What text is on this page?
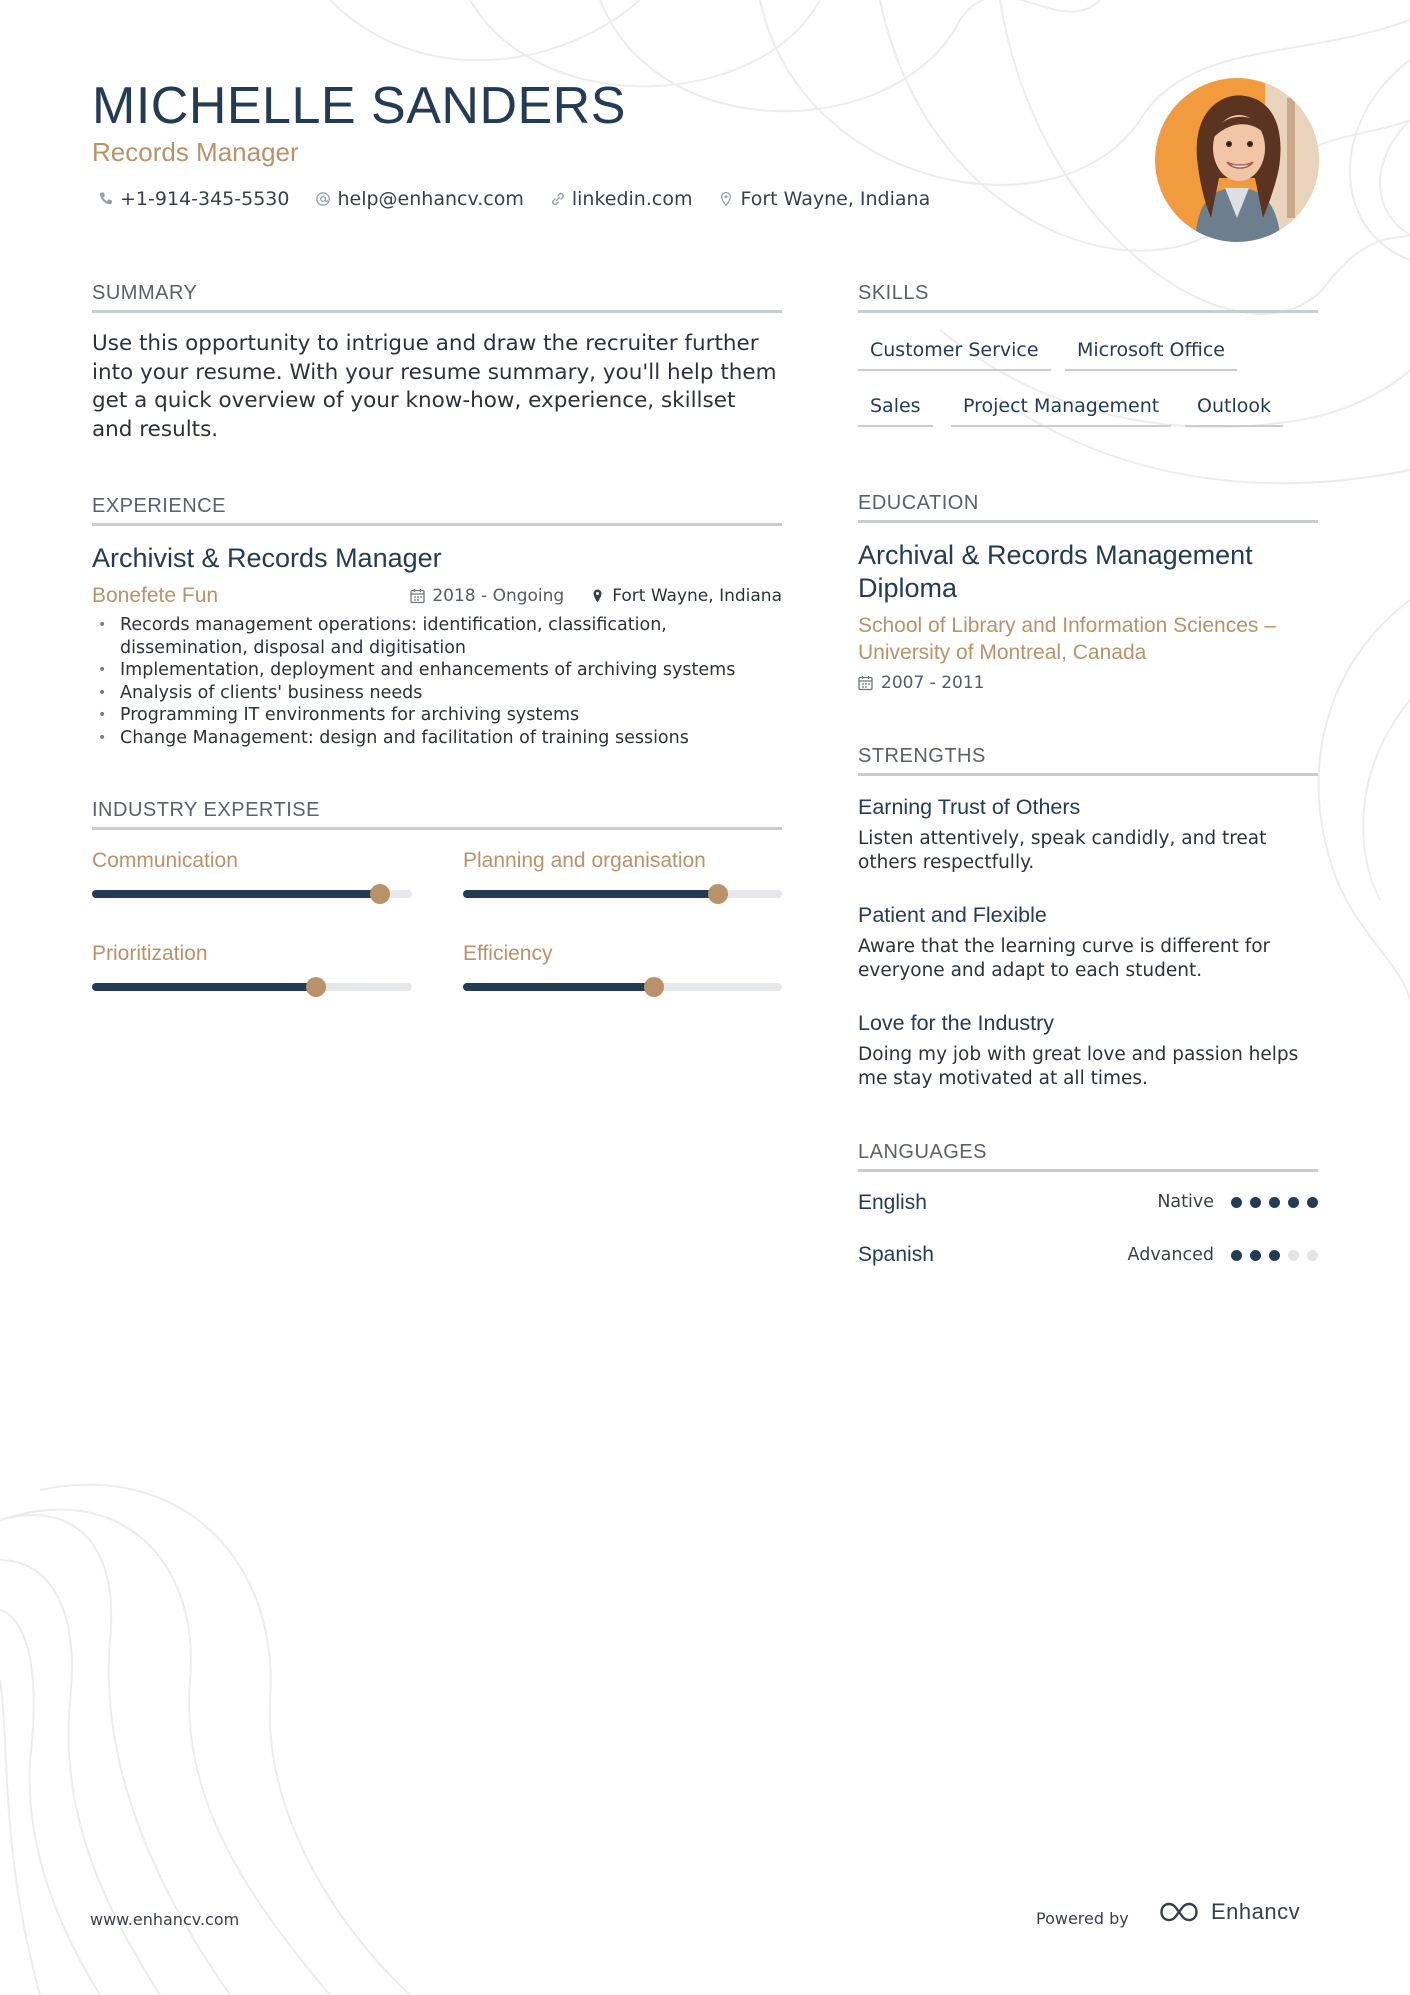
MICHELLE SANDERS
Records Manager
+1-914-345-5530	help@enhancv.com	linkedin.com	Fort Wayne, Indiana
SUMMARY
Use this opportunity to intrigue and draw the recruiter further into your resume. With your resume summary, you'll help them get a quick overview of your know-how, experience, skillset and results.
EXPERIENCE
Archivist & Records Manager
Bonefete Fun	2018 - Ongoing	Fort Wayne, Indiana
• Records management operations: identification, classification, dissemination, disposal and digitisation
• Implementation, deployment and enhancements of archiving systems
• Analysis of clients' business needs
• Programming IT environments for archiving systems
• Change Management: design and facilitation of training sessions
INDUSTRY EXPERTISE
Communication	Planning and organisation
Prioritization	Efficiency
SKILLS
Customer Service	Microsoft Office
Sales	Project Management	Outlook
EDUCATION
Archival & Records Management Diploma
School of Library and Information Sciences – University of Montreal, Canada
2007 - 2011
STRENGTHS
Earning Trust of Others
Listen attentively, speak candidly, and treat others respectfully.
Patient and Flexible
Aware that the learning curve is different for everyone and adapt to each student.
Love for the Industry
Doing my job with great love and passion helps me stay motivated at all times.
LANGUAGES
English	Native
Spanish	Advanced
www.enhancv.com	Powered by	Enhancv
